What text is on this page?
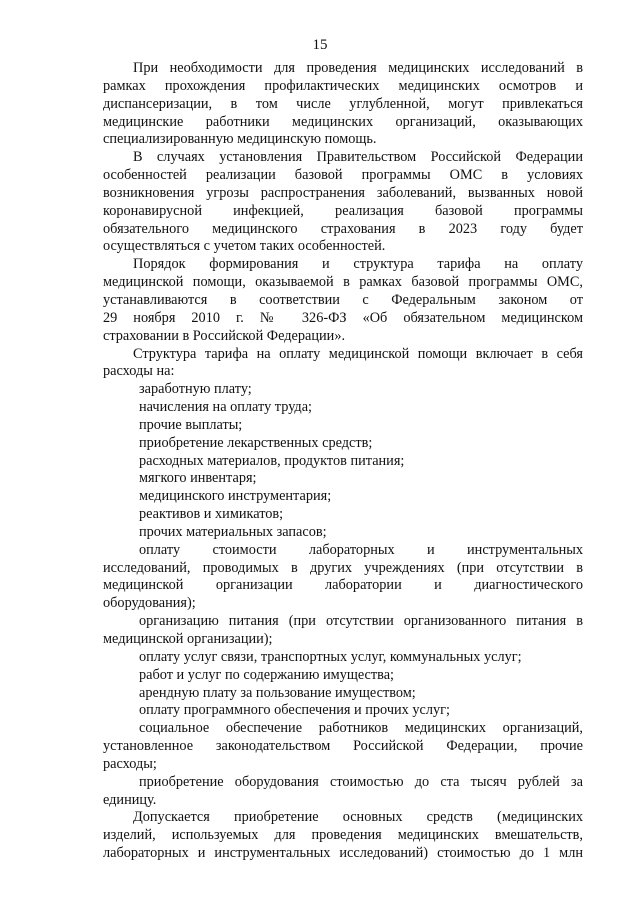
15
При необходимости для проведения медицинских исследований в
рамках прохождения профилактических медицинских осмотров и
диспансеризации, в том числе углубленной, могут привлекаться
медицинские работники медицинских организаций, оказывающих
специализированную медицинскую помощь.
В случаях установления Правительством Российской Федерации
особенностей реализации базовой программы ОМС в условиях
возникновения угрозы распространения заболеваний, вызванных новой
коронавирусной инфекцией, реализация базовой программы
обязательного медицинского страхования в 2023 году будет
осуществляться с учетом таких особенностей.
Порядок формирования и структура тарифа на оплату
медицинской помощи, оказываемой в рамках базовой программы ОМС,
устанавливаются в соответствии с Федеральным законом от
29 ноября 2010 г. № 326-ФЗ «Об обязательном медицинском
страховании в Российской Федерации».
Структура тарифа на оплату медицинской помощи включает в себя
расходы на:
заработную плату;
начисления на оплату труда;
прочие выплаты;
приобретение лекарственных средств;
расходных материалов, продуктов питания;
мягкого инвентаря;
медицинского инструментария;
реактивов и химикатов;
прочих материальных запасов;
оплату стоимости лабораторных и инструментальных
исследований, проводимых в других учреждениях (при отсутствии в
медицинской организации лаборатории и диагностического
оборудования);
организацию питания (при отсутствии организованного питания в
медицинской организации);
оплату услуг связи, транспортных услуг, коммунальных услуг;
работ и услуг по содержанию имущества;
арендную плату за пользование имуществом;
оплату программного обеспечения и прочих услуг;
социальное обеспечение работников медицинских организаций,
установленное законодательством Российской Федерации, прочие
расходы;
приобретение оборудования стоимостью до ста тысяч рублей за
единицу.
Допускается приобретение основных средств (медицинских
изделий, используемых для проведения медицинских вмешательств,
лабораторных и инструментальных исследований) стоимостью до 1 млн
